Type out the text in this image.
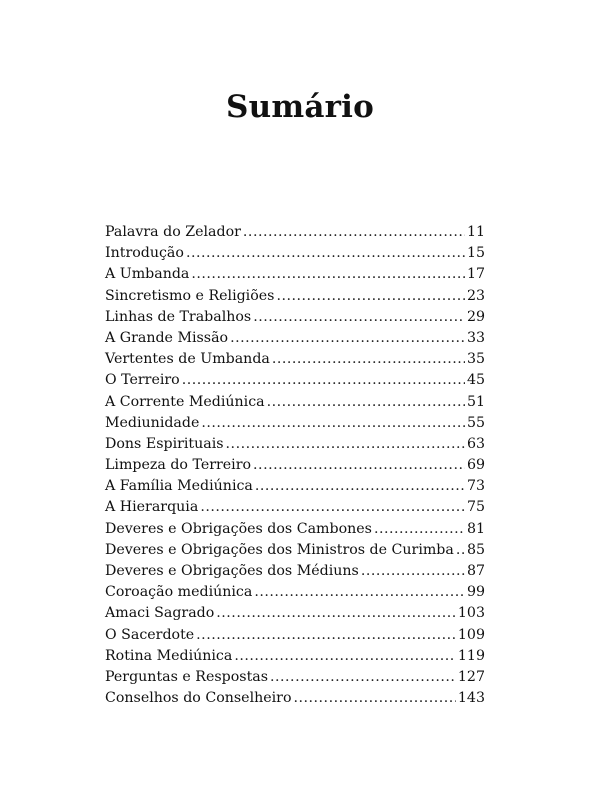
Sumário
Palavra do Zelador .....	11
Introdução .....	15
A Umbanda .....	17
Sincretismo e Religiões .....	23
Linhas de Trabalhos .....	29
A Grande Missão .....	33
Vertentes de Umbanda .....	35
O Terreiro .....	45
A Corrente Mediúnica .....	51
Mediunidade .....	55
Dons Espirituais .....	63
Limpeza do Terreiro .....	69
A Família Mediúnica .....	73
A Hierarquia .....	75
Deveres e Obrigações dos Cambones .....	81
Deveres e Obrigações dos Ministros de Curimba ..... 85
Deveres e Obrigações dos Médiuns .....	87
Coroação mediúnica .....	99
Amaci Sagrado .....	103
O Sacerdote .....	109
Rotina Mediúnica .....	119
Perguntas e Respostas .....	127
Conselhos do Conselheiro .....	143
